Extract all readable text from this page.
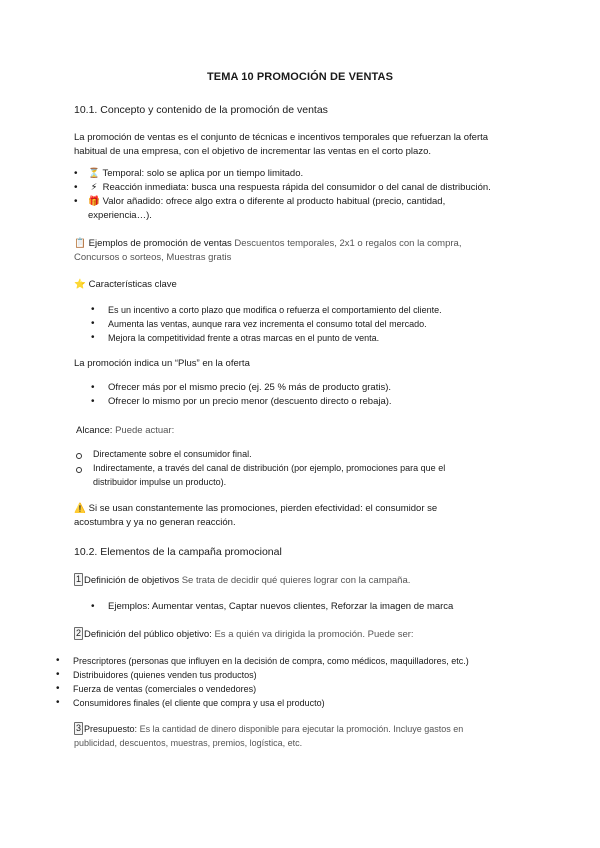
TEMA 10 PROMOCIÓN DE VENTAS
10.1. Concepto y contenido de la promoción de ventas
La promoción de ventas es el conjunto de técnicas e incentivos temporales que refuerzan la oferta
habitual de una empresa, con el objetivo de incrementar las ventas en el corto plazo.
• ⏳ Temporal: solo se aplica por un tiempo limitado.
• ⚡ Reacción inmediata: busca una respuesta rápida del consumidor o del canal de distribución.
• 🎁 Valor añadido: ofrece algo extra o diferente al producto habitual (precio, cantidad,
experiencia…).
📋 Ejemplos de promoción de ventas Descuentos temporales, 2x1 o regalos con la compra,
Concursos o sorteos, Muestras gratis
⭐ Características clave
• Es un incentivo a corto plazo que modifica o refuerza el comportamiento del cliente.
• Aumenta las ventas, aunque rara vez incrementa el consumo total del mercado.
• Mejora la competitividad frente a otras marcas en el punto de venta.
La promoción indica un “Plus” en la oferta
• Ofrecer más por el mismo precio (ej. 25 % más de producto gratis).
• Ofrecer lo mismo por un precio menor (descuento directo o rebaja).
Alcance: Puede actuar:
Directamente sobre el consumidor final.
Indirectamente, a través del canal de distribución (por ejemplo, promociones para que el
distribuidor impulse un producto).
⚠️ Si se usan constantemente las promociones, pierden efectividad: el consumidor se
acostumbra y ya no generan reacción.
10.2. Elementos de la campaña promocional
1 Definición de objetivos Se trata de decidir qué quieres lograr con la campaña.
• Ejemplos: Aumentar ventas, Captar nuevos clientes, Reforzar la imagen de marca
2 Definición del público objetivo: Es a quién va dirigida la promoción. Puede ser:
• Prescriptores (personas que influyen en la decisión de compra, como médicos, maquilladores, etc.)
• Distribuidores (quienes venden tus productos)
• Fuerza de ventas (comerciales o vendedores)
• Consumidores finales (el cliente que compra y usa el producto)
3 Presupuesto: Es la cantidad de dinero disponible para ejecutar la promoción. Incluye gastos en
publicidad, descuentos, muestras, premios, logística, etc.
